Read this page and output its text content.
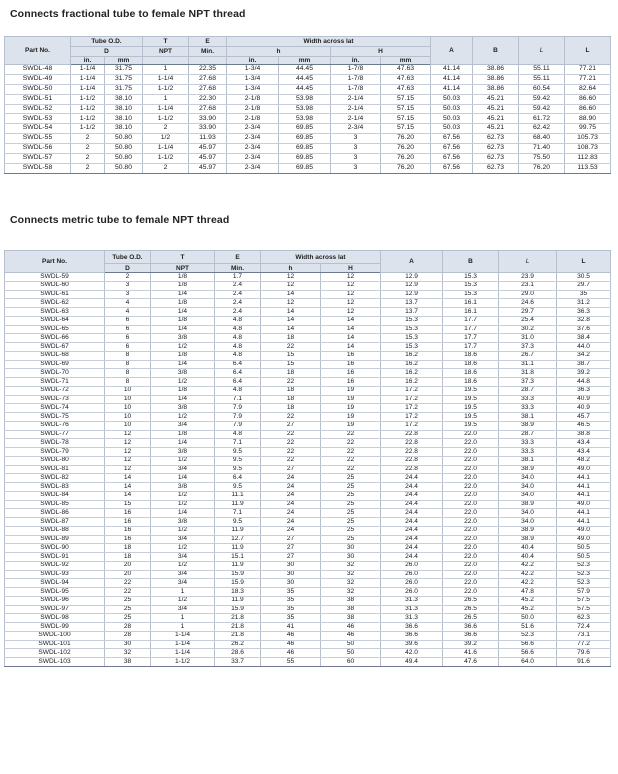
Connects fractional tube to female NPT thread
Part No.	Tube O.D.		T	E	Width across lat				A	B	L	L
	D		NPT	Min.	h		H					
	in.	mm			in.	mm	in.	mm				
SWDL-48	1-1/4	31.75	1	22.35	1-3/4	44.45	1-7/8	47.63	41.14	38.86	55.11	77.21
SWDL-49	1-1/4	31.75	1-1/4	27.68	1-3/4	44.45	1-7/8	47.63	41.14	38.86	55.11	77.21
SWDL-50	1-1/4	31.75	1-1/2	27.68	1-3/4	44.45	1-7/8	47.63	41.14	38.86	60.54	82.64
SWDL-51	1-1/2	38.10	1	22.30	2-1/8	53.98	2-1/4	57.15	50.03	45.21	59.42	86.60
SWDL-52	1-1/2	38.10	1-1/4	27.68	2-1/8	53.98	2-1/4	57.15	50.03	45.21	59.42	86.60
SWDL-53	1-1/2	38.10	1-1/2	33.90	2-1/8	53.98	2-1/4	57.15	50.03	45.21	61.72	88.90
SWDL-54	1-1/2	38.10	2	33.90	2-3/4	69.85	2-3/4	57.15	50.03	45.21	62.42	99.75
SWDL-55	2	50.80	1/2	11.93	2-3/4	69.85	3	76.20	67.56	62.73	68.40	105.73
SWDL-56	2	50.80	1-1/4	45.97	2-3/4	69.85	3	76.20	67.56	62.73	71.40	108.73
SWDL-57	2	50.80	1-1/2	45.97	2-3/4	69.85	3	76.20	67.56	62.73	75.50	112.83
SWDL-58	2	50.80	2	45.97	2-3/4	69.85	3	76.20	67.56	62.73	76.20	113.53
Connects metric tube to female NPT thread
Part No.	Tube O.D.	T	E	Width across lat		A	B	L	L
	D	NPT	Min.	h	H				
SWDL-59	2	1/8	1.7	12	12	12.9	15.3	23.9	30.5
SWDL-60	3	1/8	2.4	12	12	12.9	15.3	23.1	29.7
SWDL-61	3	1/4	2.4	14	12	12.9	15.3	29.0	35
SWDL-62	4	1/8	2.4	12	12	13.7	16.1	24.6	31.2
SWDL-63	4	1/4	2.4	14	12	13.7	16.1	29.7	36.3
SWDL-64	6	1/8	4.8	14	14	15.3	17.7	25.4	32.8
SWDL-65	6	1/4	4.8	14	14	15.3	17.7	30.2	37.6
SWDL-66	6	3/8	4.8	18	14	15.3	17.7	31.0	38.4
SWDL-67	6	1/2	4.8	22	14	15.3	17.7	37.3	44.0
SWDL-68	8	1/8	4.8	15	16	16.2	18.6	26.7	34.2
SWDL-69	8	1/4	6.4	15	16	16.2	18.6	31.1	38.7
SWDL-70	8	3/8	6.4	18	16	16.2	18.6	31.8	39.2
SWDL-71	8	1/2	6.4	22	16	16.2	18.6	37.3	44.8
SWDL-72	10	1/8	4.8	18	19	17.2	19.5	28.7	36.3
SWDL-73	10	1/4	7.1	18	19	17.2	19.5	33.3	40.9
SWDL-74	10	3/8	7.9	18	19	17.2	19.5	33.3	40.9
SWDL-75	10	1/2	7.9	22	19	17.2	19.5	38.1	45.7
SWDL-76	10	3/4	7.9	27	19	17.2	19.5	38.9	46.5
SWDL-77	12	1/8	4.8	22	22	22.8	22.0	28.7	38.8
SWDL-78	12	1/4	7.1	22	22	22.8	22.0	33.3	43.4
SWDL-79	12	3/8	9.5	22	22	22.8	22.0	33.3	43.4
SWDL-80	12	1/2	9.5	22	22	22.8	22.0	38.1	48.2
SWDL-81	12	3/4	9.5	27	22	22.8	22.0	38.9	49.0
SWDL-82	14	1/4	6.4	24	25	24.4	22.0	34.0	44.1
SWDL-83	14	3/8	9.5	24	25	24.4	22.0	34.0	44.1
SWDL-84	14	1/2	11.1	24	25	24.4	22.0	34.0	44.1
SWDL-85	15	1/2	11.9	24	25	24.4	22.0	38.9	49.0
SWDL-86	16	1/4	7.1	24	25	24.4	22.0	34.0	44.1
SWDL-87	16	3/8	9.5	24	25	24.4	22.0	34.0	44.1
SWDL-88	16	1/2	11.9	24	25	24.4	22.0	38.9	49.0
SWDL-89	16	3/4	12.7	27	25	24.4	22.0	38.9	49.0
SWDL-90	18	1/2	11.9	27	30	24.4	22.0	40.4	50.5
SWDL-91	18	3/4	15.1	27	30	24.4	22.0	40.4	50.5
SWDL-92	20	1/2	11.9	30	32	26.0	22.0	42.2	52.3
SWDL-93	20	3/4	15.9	30	32	26.0	22.0	42.2	52.3
SWDL-94	22	3/4	15.9	30	32	26.0	22.0	42.2	52.3
SWDL-95	22	1	18.3	35	32	26.0	22.0	47.8	57.9
SWDL-96	25	1/2	11.9	35	38	31.3	26.5	45.2	57.5
SWDL-97	25	3/4	15.9	35	38	31.3	26.5	45.2	57.5
SWDL-98	25	1	21.8	35	38	31.3	26.5	50.0	62.3
SWDL-99	28	1	21.8	41	46	36.6	36.6	51.6	72.4
SWDL-100	28	1-1/4	21.8	46	46	36.6	36.6	52.3	73.1
SWDL-101	30	1-1/4	26.2	46	50	39.6	39.2	56.6	77.2
SWDL-102	32	1-1/4	28.6	46	50	42.0	41.6	56.6	79.6
SWDL-103	38	1-1/2	33.7	55	60	49.4	47.6	64.0	91.6
